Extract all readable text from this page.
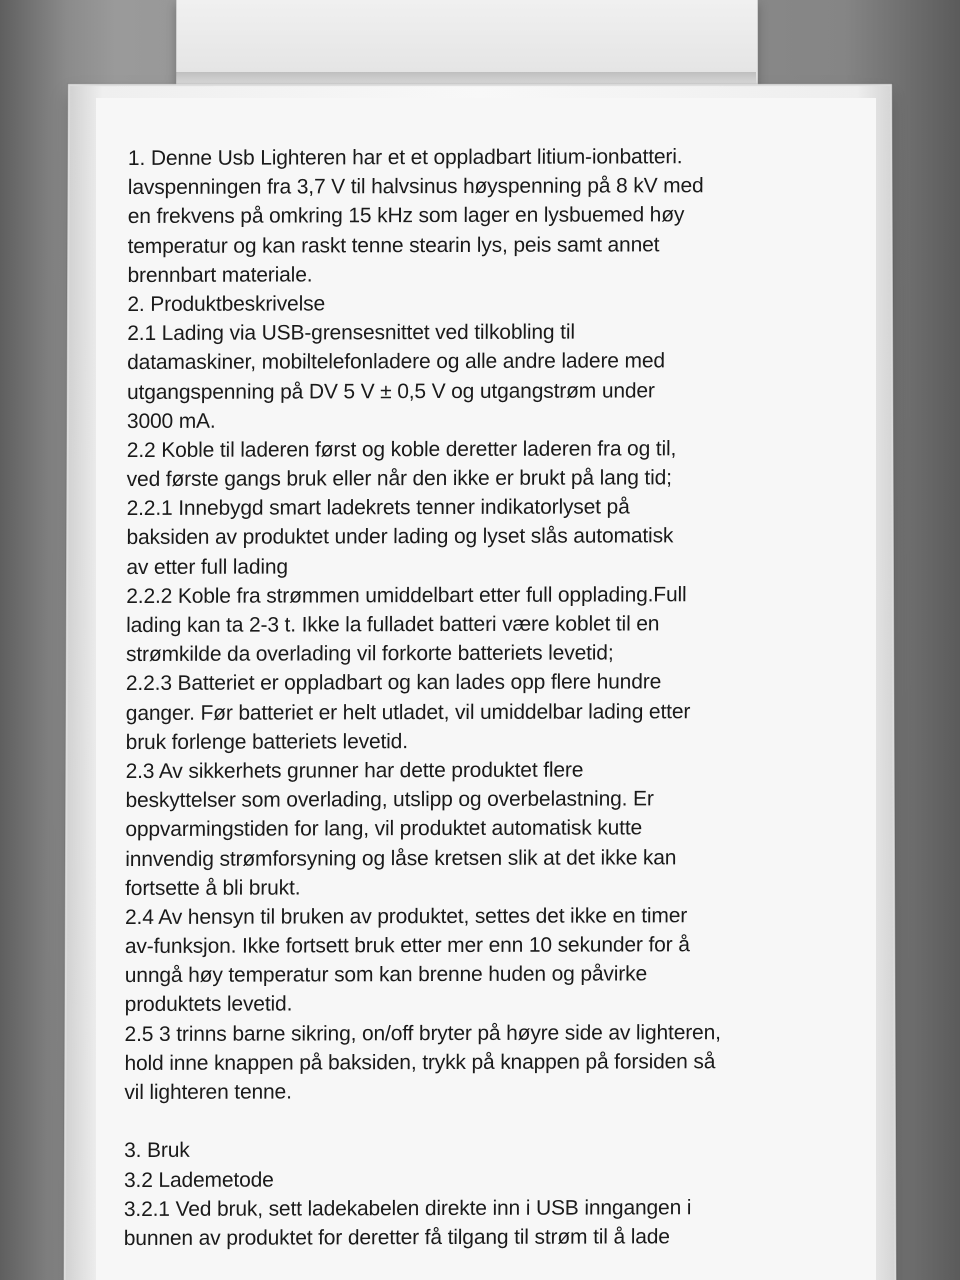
1. Denne Usb Lighteren har et et oppladbart litium-ionbatteri.
lavspenningen fra 3,7 V til halvsinus høyspenning på 8 kV med
en frekvens på omkring 15 kHz som lager en lysbuemed høy
temperatur og kan raskt tenne stearin lys, peis samt annet
brennbart materiale.
2. Produktbeskrivelse
2.1 Lading via USB-grensesnittet ved tilkobling til
datamaskiner, mobiltelefonladere og alle andre ladere med
utgangspenning på DV 5 V ± 0,5 V og utgangstrøm under
3000 mA.
2.2 Koble til laderen først og koble deretter laderen fra og til,
ved første gangs bruk eller når den ikke er brukt på lang tid;
2.2.1 Innebygd smart ladekrets tenner indikatorlyset på
baksiden av produktet under lading og lyset slås automatisk
av etter full lading
2.2.2 Koble fra strømmen umiddelbart etter full opplading.Full
lading kan ta 2-3 t. Ikke la fulladet batteri være koblet til en
strømkilde da overlading vil forkorte batteriets levetid;
2.2.3 Batteriet er oppladbart og kan lades opp flere hundre
ganger. Før batteriet er helt utladet, vil umiddelbar lading etter
bruk forlenge batteriets levetid.
2.3 Av sikkerhets grunner har dette produktet flere
beskyttelser som overlading, utslipp og overbelastning. Er
oppvarmingstiden for lang, vil produktet automatisk kutte
innvendig strømforsyning og låse kretsen slik at det ikke kan
fortsette å bli brukt.
2.4 Av hensyn til bruken av produktet, settes det ikke en timer
av-funksjon. Ikke fortsett bruk etter mer enn 10 sekunder for å
unngå høy temperatur som kan brenne huden og påvirke
produktets levetid.
2.5 3 trinns barne sikring, on/off bryter på høyre side av lighteren,
hold inne knappen på baksiden, trykk på knappen på forsiden så
vil lighteren tenne.
3. Bruk
3.2 Lademetode
3.2.1 Ved bruk, sett ladekabelen direkte inn i USB inngangen i
bunnen av produktet for deretter få tilgang til strøm til å lade
